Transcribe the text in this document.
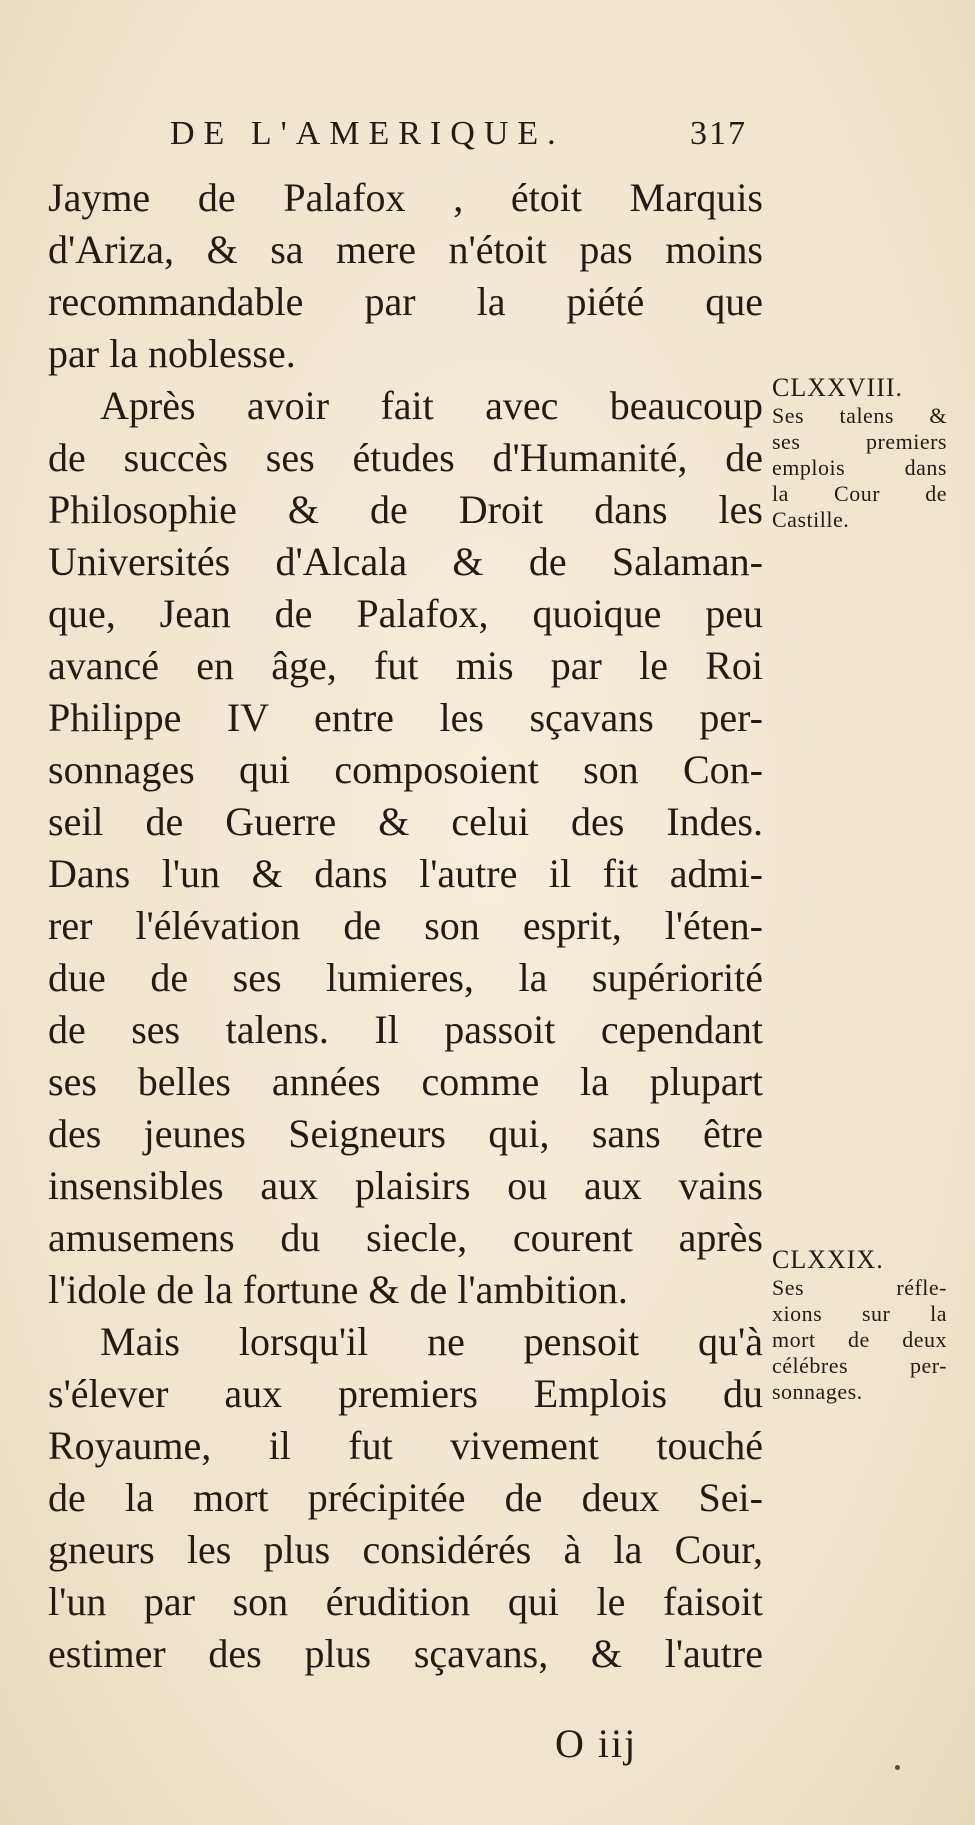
DE L'AMERIQUE.	317
Jayme de Palafox , étoit Marquis
d'Ariza, & sa mere n'étoit pas moins
recommandable par la piété que
par la noblesse.
Après avoir fait avec beaucoup
de succès ses études d'Humanité, de
Philosophie & de Droit dans les
Universités d'Alcala & de Salaman-
que, Jean de Palafox, quoique peu
avancé en âge, fut mis par le Roi
Philippe IV entre les sçavans per-
sonnages qui composoient son Con-
seil de Guerre & celui des Indes.
Dans l'un & dans l'autre il fit admi-
rer l'élévation de son esprit, l'éten-
due de ses lumieres, la supériorité
de ses talens. Il passoit cependant
ses belles années comme la plupart
des jeunes Seigneurs qui, sans être
insensibles aux plaisirs ou aux vains
amusemens du siecle, courent après
l'idole de la fortune & de l'ambition.
Mais lorsqu'il ne pensoit qu'à
s'élever aux premiers Emplois du
Royaume, il fut vivement touché
de la mort précipitée de deux Sei-
gneurs les plus considérés à la Cour,
l'un par son érudition qui le faisoit
estimer des plus sçavans, & l'autre
CLXXVIII.
Ses talens &
ses premiers
emplois dans
la Cour de
Castille.
CLXXIX.
Ses réfle-
xions sur la
mort de deux
célébres per-
sonnages.
O iij
